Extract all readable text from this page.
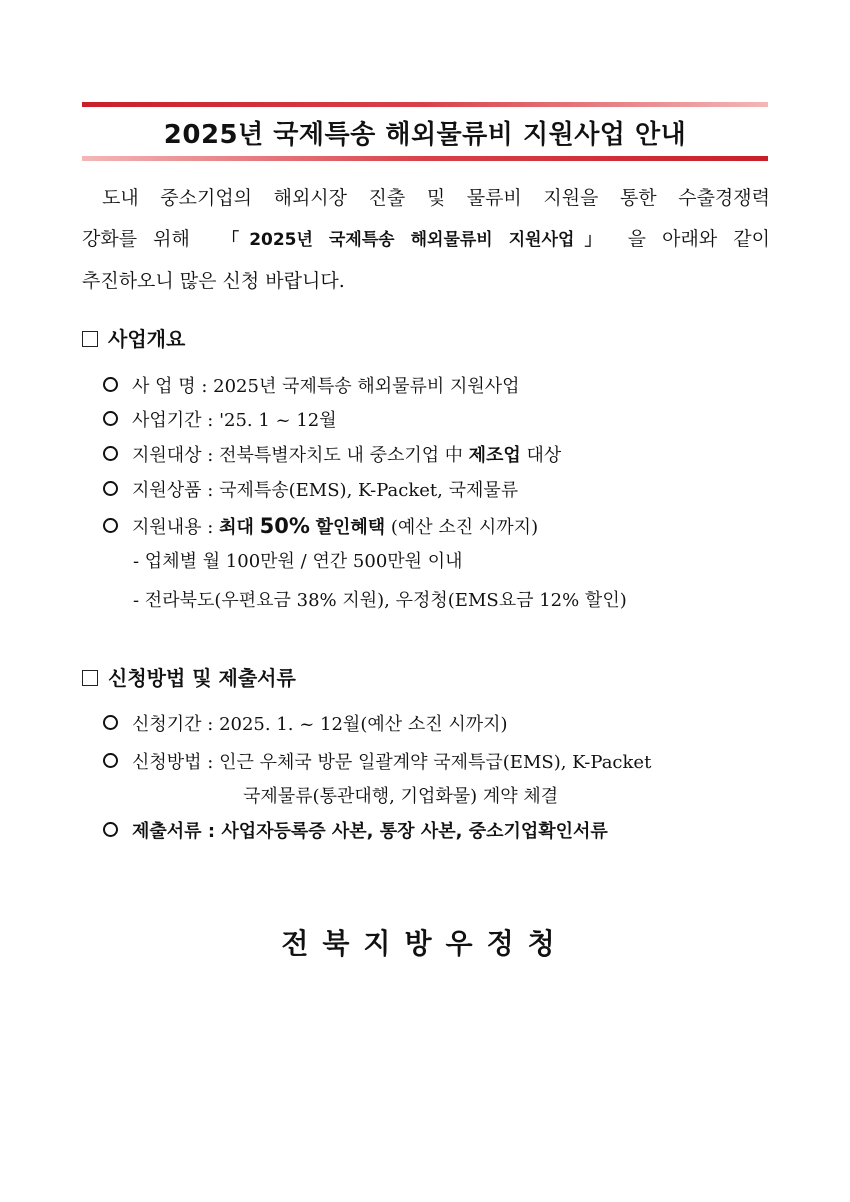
2025년 국제특송 해외물류비 지원사업 안내

도내 중소기업의 해외시장 진출 및 물류비 지원을 통한 수출경쟁력

강화를 위해 「2025년 국제특송 해외물류비 지원사업」 을 아래와 같이

추진하오니 많은 신청 바랍니다.

사업개요
사 업 명 : 2025년 국제특송 해외물류비 지원사업
사업기간 : '25. 1 ~ 12월
지원대상 : 전북특별자치도 내 중소기업 中 제조업 대상
지원상품 : 국제특송(EMS), K-Packet, 국제물류
지원내용 : 최대 50% 할인혜택 (예산 소진 시까지)
- 업체별 월 100만원 / 연간 500만원 이내
- 전라북도(우편요금 38% 지원), 우정청(EMS요금 12% 할인)
신청방법 및 제출서류
신청기간 : 2025. 1. ~ 12월(예산 소진 시까지)
신청방법 : 인근 우체국 방문 일괄계약 국제특급(EMS), K-Packet
국제물류(통관대행, 기업화물) 계약 체결
제출서류 : 사업자등록증 사본, 통장 사본, 중소기업확인서류
전북지방우정청
